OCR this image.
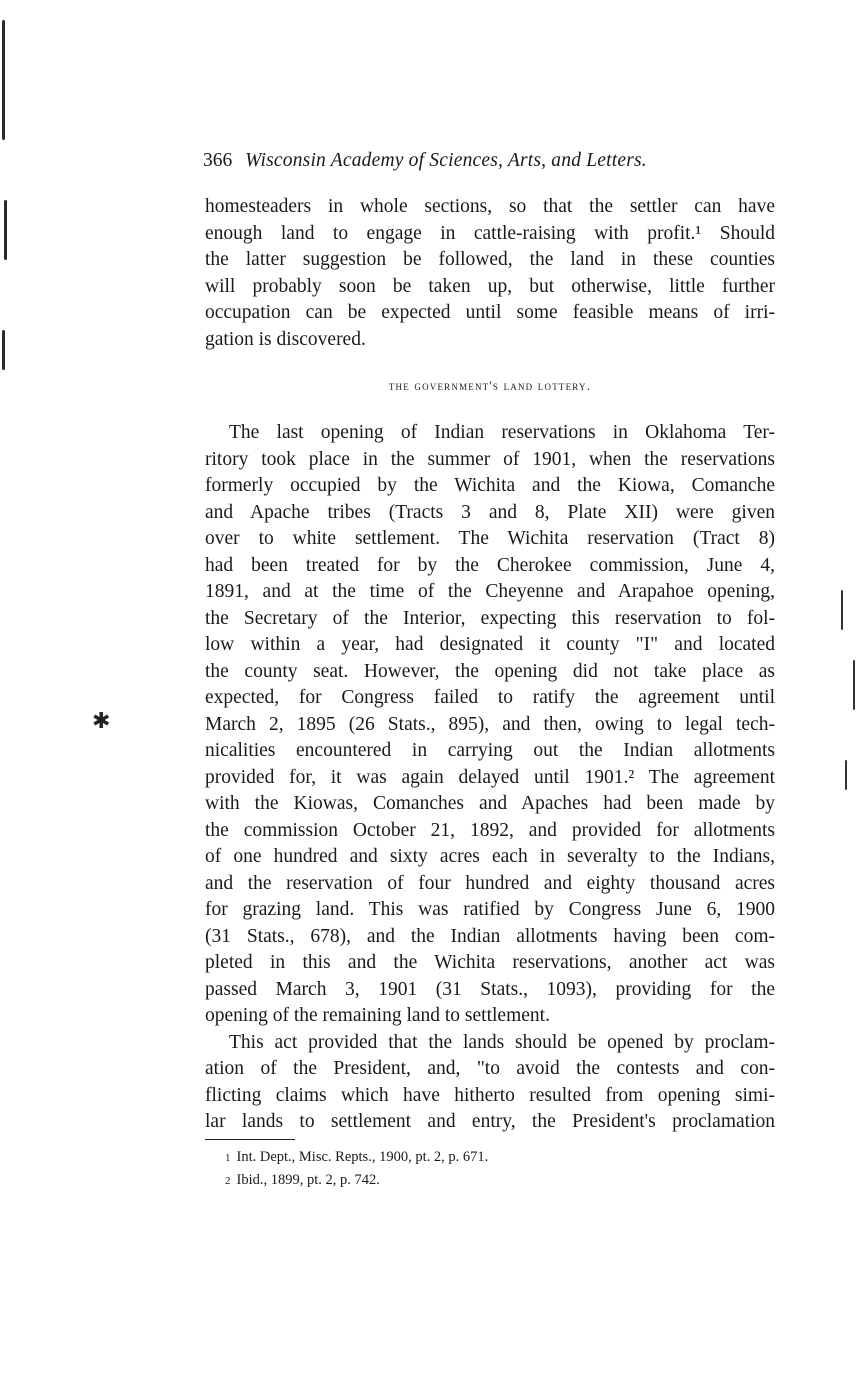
366 Wisconsin Academy of Sciences, Arts, and Letters.
homesteaders in whole sections, so that the settler can have
enough land to engage in cattle-raising with profit.¹ Should
the latter suggestion be followed, the land in these counties
will probably soon be taken up, but otherwise, little further
occupation can be expected until some feasible means of irri-
gation is discovered.
the government's land lottery.
The last opening of Indian reservations in Oklahoma Ter-
ritory took place in the summer of 1901, when the reservations
formerly occupied by the Wichita and the Kiowa, Comanche
and Apache tribes (Tracts 3 and 8, Plate XII) were given
over to white settlement. The Wichita reservation (Tract 8)
had been treated for by the Cherokee commission, June 4,
1891, and at the time of the Cheyenne and Arapahoe opening,
the Secretary of the Interior, expecting this reservation to fol-
low within a year, had designated it county "I" and located
the county seat. However, the opening did not take place as
expected, for Congress failed to ratify the agreement until
March 2, 1895 (26 Stats., 895), and then, owing to legal tech-
nicalities encountered in carrying out the Indian allotments
provided for, it was again delayed until 1901.² The agreement
with the Kiowas, Comanches and Apaches had been made by
the commission October 21, 1892, and provided for allotments
of one hundred and sixty acres each in severalty to the Indians,
and the reservation of four hundred and eighty thousand acres
for grazing land. This was ratified by Congress June 6, 1900
(31 Stats., 678), and the Indian allotments having been com-
pleted in this and the Wichita reservations, another act was
passed March 3, 1901 (31 Stats., 1093), providing for the
opening of the remaining land to settlement.
This act provided that the lands should be opened by proclam-
ation of the President, and, "to avoid the contests and con-
flicting claims which have hitherto resulted from opening simi-
lar lands to settlement and entry, the President's proclamation
✱
1 Int. Dept., Misc. Repts., 1900, pt. 2, p. 671.
2 Ibid., 1899, pt. 2, p. 742.
